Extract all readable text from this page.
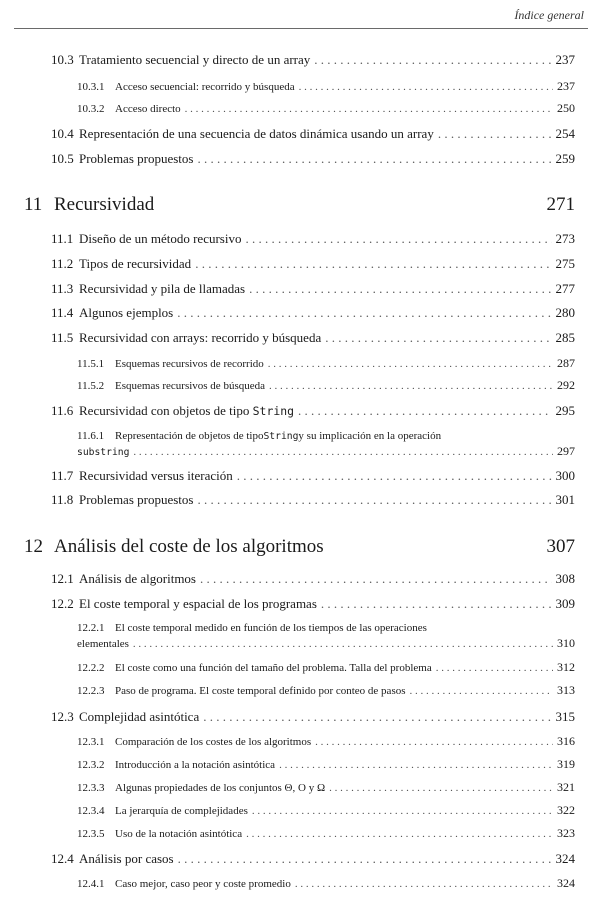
Índice general
10.3 Tratamiento secuencial y directo de un array . . .	237
10.3.1 Acceso secuencial: recorrido y búsqueda . . .	237
10.3.2 Acceso directo . . .	250
10.4 Representación de una secuencia de datos dinámica usando un array . . .	254
10.5 Problemas propuestos . . .	259
11 Recursividad	271
11.1 Diseño de un método recursivo . . .	273
11.2 Tipos de recursividad . . .	275
11.3 Recursividad y pila de llamadas . . .	277
11.4 Algunos ejemplos . . .	280
11.5 Recursividad con arrays: recorrido y búsqueda . . .	285
11.5.1 Esquemas recursivos de recorrido . . .	287
11.5.2 Esquemas recursivos de búsqueda . . .	292
11.6 Recursividad con objetos de tipo String . . .	295
11.6.1 Representación de objetos de tipo String y su implicación en la operación
substring . . .	297
11.7 Recursividad versus iteración . . .	300
11.8 Problemas propuestos . . .	301
12 Análisis del coste de los algoritmos	307
12.1 Análisis de algoritmos . . .	308
12.2 El coste temporal y espacial de los programas . . .	309
12.2.1 El coste temporal medido en función de los tiempos de las operaciones
elementales . . .	310
12.2.2 El coste como una función del tamaño del problema. Talla del problema . . .	312
12.2.3 Paso de programa. El coste temporal definido por conteo de pasos . . .	313
12.3 Complejidad asintótica . . .	315
12.3.1 Comparación de los costes de los algoritmos . . .	316
12.3.2 Introducción a la notación asintótica . . .	319
12.3.3 Algunas propiedades de los conjuntos Θ, O y Ω . . .	321
12.3.4 La jerarquía de complejidades . . .	322
12.3.5 Uso de la notación asintótica . . .	323
12.4 Análisis por casos . . .	324
12.4.1 Caso mejor, caso peor y coste promedio . . .	324
